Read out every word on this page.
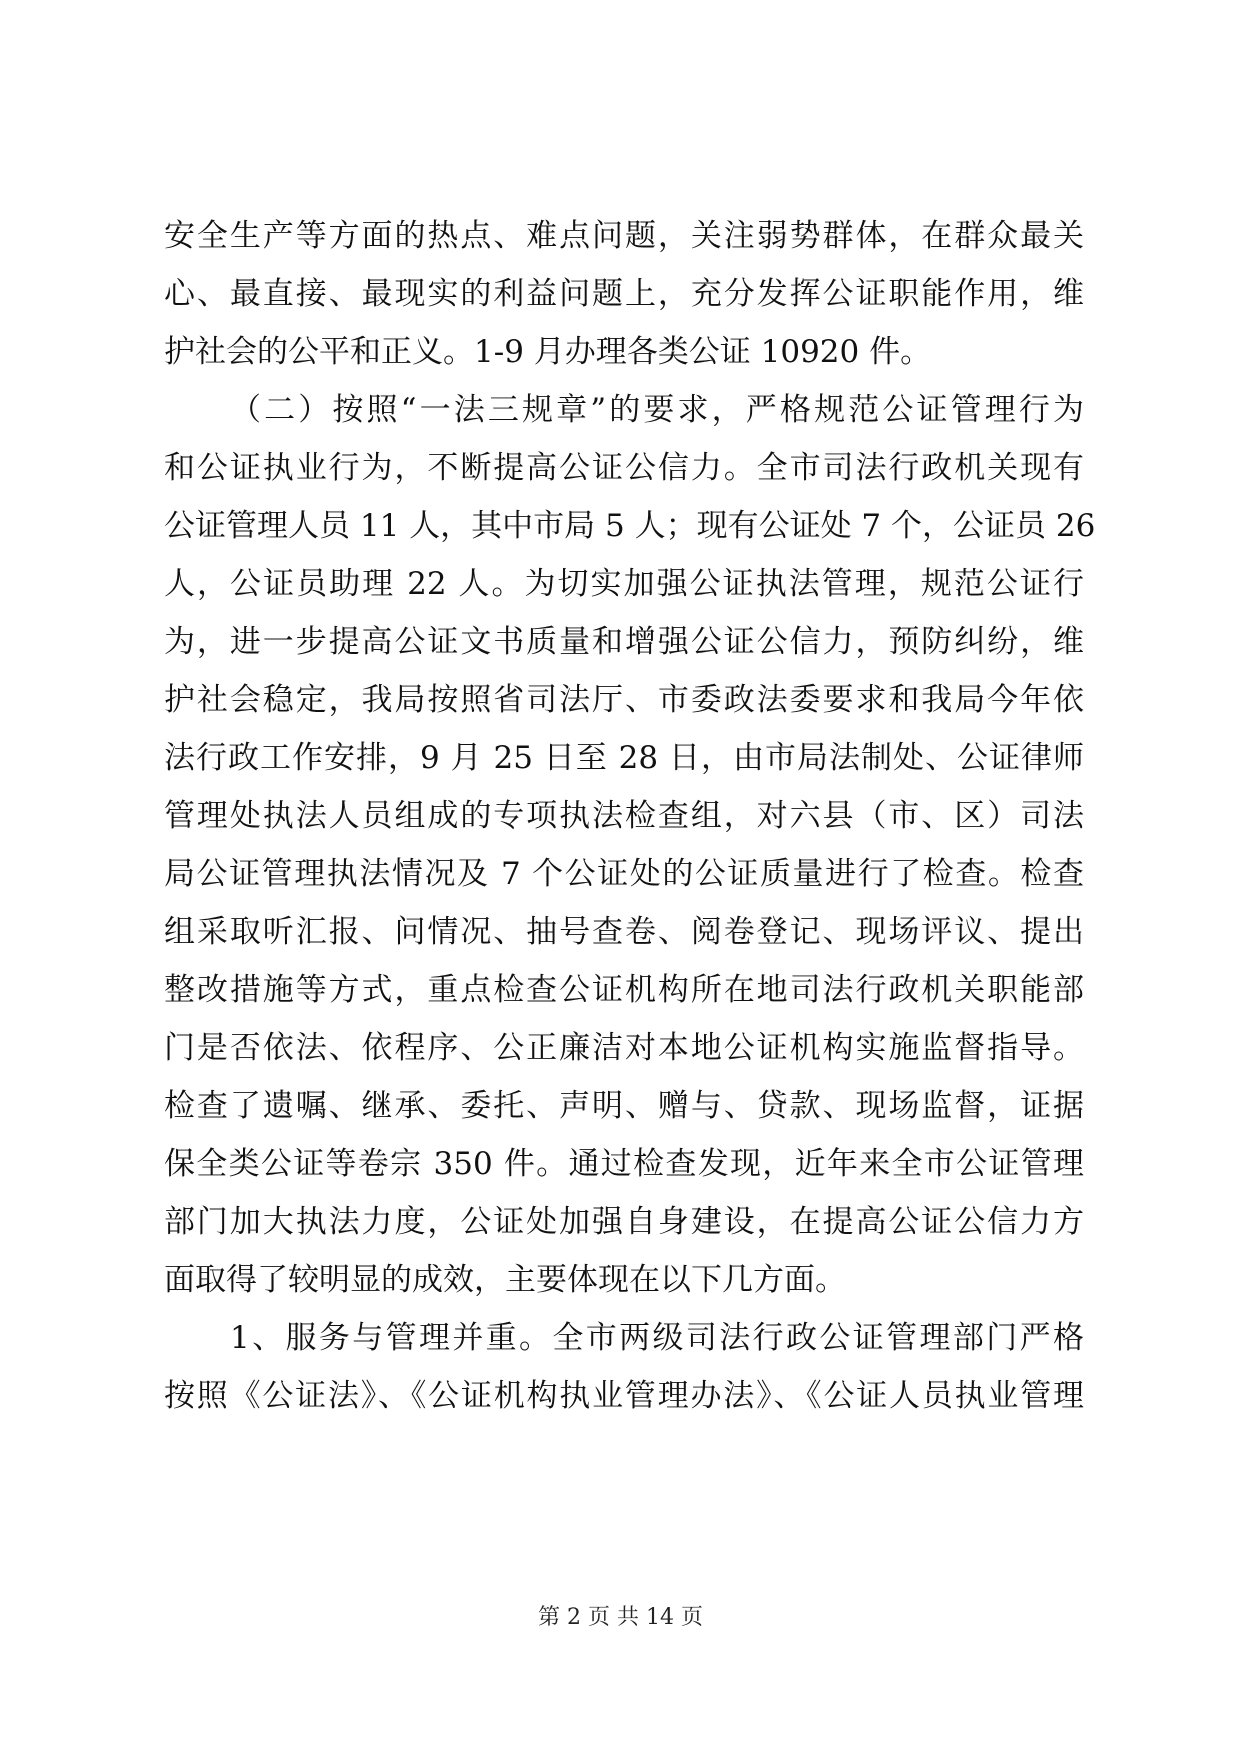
安全生产等方面的热点、难点问题，关注弱势群体，在群众最关
心、最直接、最现实的利益问题上，充分发挥公证职能作用，维
护社会的公平和正义。1-9 月办理各类公证 10920 件。
（二）按照“一法三规章”的要求，严格规范公证管理行为
和公证执业行为，不断提高公证公信力。全市司法行政机关现有
公证管理人员 11 人，其中市局 5 人；现有公证处 7 个，公证员 26
人，公证员助理 22 人。为切实加强公证执法管理，规范公证行
为，进一步提高公证文书质量和增强公证公信力，预防纠纷，维
护社会稳定，我局按照省司法厅、市委政法委要求和我局今年依
法行政工作安排，9 月 25 日至 28 日，由市局法制处、公证律师
管理处执法人员组成的专项执法检查组，对六县（市、区）司法
局公证管理执法情况及 7 个公证处的公证质量进行了检查。检查
组采取听汇报、问情况、抽号查卷、阅卷登记、现场评议、提出
整改措施等方式，重点检查公证机构所在地司法行政机关职能部
门是否依法、依程序、公正廉洁对本地公证机构实施监督指导。
检查了遗嘱、继承、委托、声明、赠与、贷款、现场监督，证据
保全类公证等卷宗 350 件。通过检查发现，近年来全市公证管理
部门加大执法力度，公证处加强自身建设，在提高公证公信力方
面取得了较明显的成效，主要体现在以下几方面。
1、服务与管理并重。全市两级司法行政公证管理部门严格
按照《公证法》、《公证机构执业管理办法》、《公证人员执业管理
第 2 页 共 14 页
